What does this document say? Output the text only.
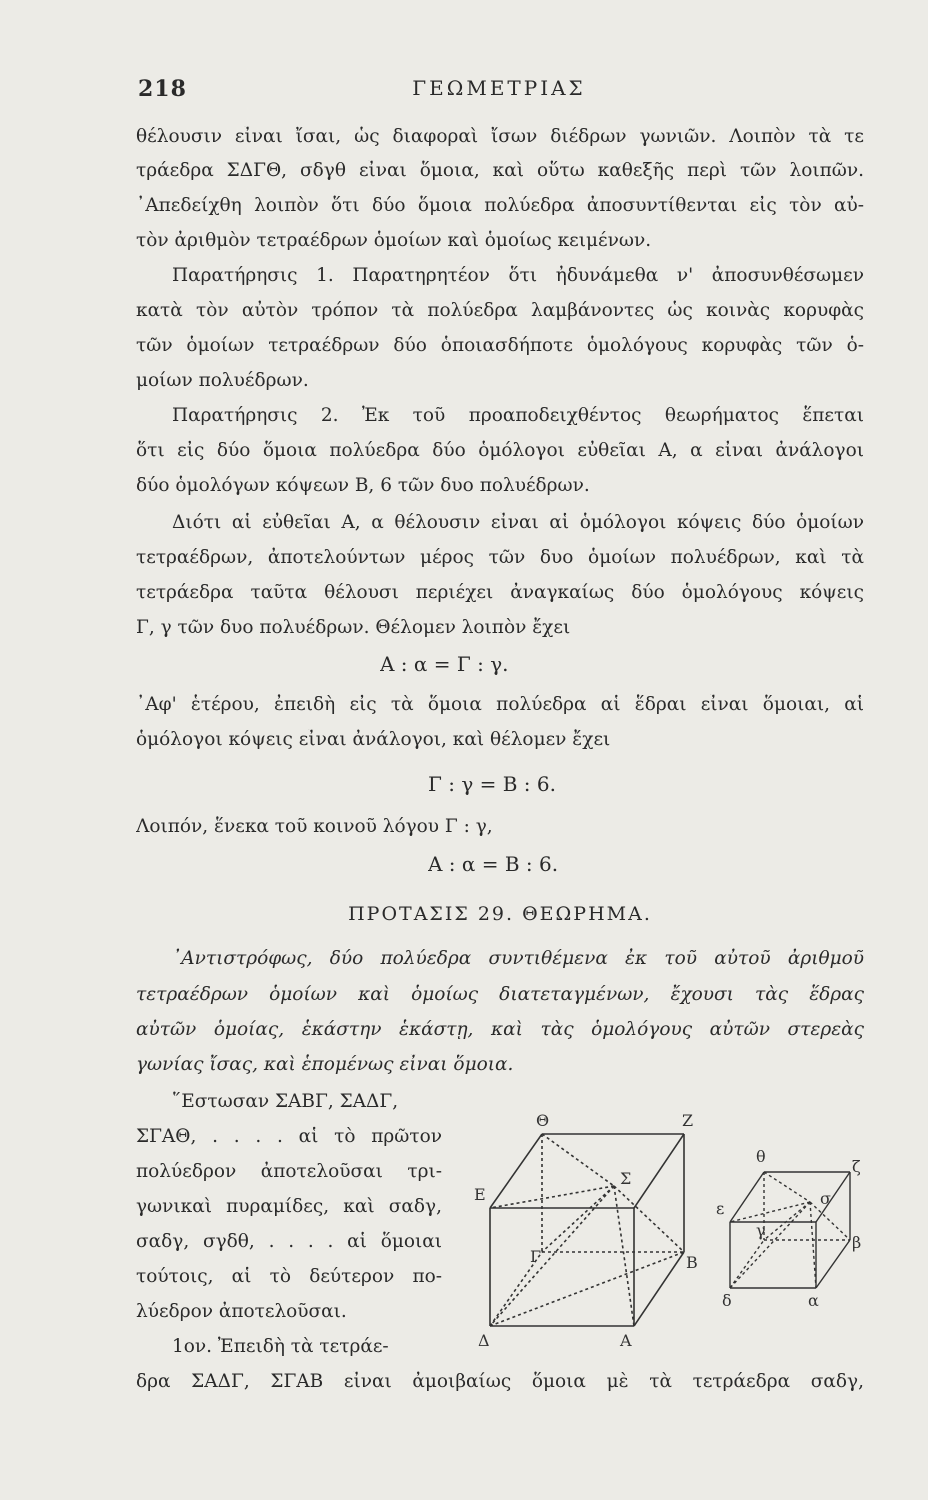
218	ΓΕΩΜΕΤΡΙΑΣ
θέλουσιν εἶναι ἴσαι, ὡς διαφοραὶ ἴσων διέδρων γωνιῶν. Λοιπὸν τὰ τε
τράεδρα ΣΔΓΘ, σδγθ εἶναι ὅμοια, καὶ οὕτω καθεξῆς περὶ τῶν λοιπῶν.
᾿Απεδείχθη λοιπὸν ὅτι δύο ὅμοια πολύεδρα ἀποσυντίθενται εἰς τὸν αὐ-
τὸν ἀριθμὸν τετραέδρων ὁμοίων καὶ ὁμοίως κειμένων.
Παρατήρησις 1. Παρατηρητέον ὅτι ἠδυνάμεθα ν' ἀποσυνθέσωμεν
κατὰ τὸν αὐτὸν τρόπον τὰ πολύεδρα λαμβάνοντες ὡς κοινὰς κορυφὰς
τῶν ὁμοίων τετραέδρων δύο ὁποιασδήποτε ὁμολόγους κορυφὰς τῶν ὁ-
μοίων πολυέδρων.
Παρατήρησις 2. Ἐκ τοῦ προαποδειχθέντος θεωρήματος ἕπεται
ὅτι εἰς δύο ὅμοια πολύεδρα δύο ὁμόλογοι εὐθεῖαι Α, α εἶναι ἀνάλογοι
δύο ὁμολόγων κόψεων Β, 6 τῶν δυο πολυέδρων.
Διότι αἱ εὐθεῖαι Α, α θέλουσιν εἶναι αἱ ὁμόλογοι κόψεις δύο ὁμοίων
τετραέδρων, ἀποτελούντων μέρος τῶν δυο ὁμοίων πολυέδρων, καὶ τὰ
τετράεδρα ταῦτα θέλουσι περιέχει ἀναγκαίως δύο ὁμολόγους κόψεις
Γ, γ τῶν δυο πολυέδρων. Θέλομεν λοιπὸν ἔχει
Α : α = Γ : γ.
᾿Αφ' ἑτέρου, ἐπειδὴ εἰς τὰ ὅμοια πολύεδρα αἱ ἕδραι εἶναι ὅμοιαι, αἱ
ὁμόλογοι κόψεις εἶναι ἀνάλογοι, καὶ θέλομεν ἔχει
Γ : γ = Β : 6.
Λοιπόν, ἕνεκα τοῦ κοινοῦ λόγου Γ : γ,
Α : α = Β : 6.
ΠΡΟΤΑΣΙΣ 29. ΘΕΩΡΗΜΑ.
᾿Αντιστρόφως, δύο πολύεδρα συντιθέμενα ἐκ τοῦ αὐτοῦ ἀριθμοῦ
τετραέδρων ὁμοίων καὶ ὁμοίως διατεταγμένων, ἔχουσι τὰς ἕδρας
αὐτῶν ὁμοίας, ἑκάστην ἑκάστῃ, καὶ τὰς ὁμολόγους αὐτῶν στερεὰς
γωνίας ἴσας, καὶ ἑπομένως εἶναι ὅμοια.
῞Εστωσαν ΣΑΒΓ, ΣΑΔΓ,
ΣΓΑΘ, . . . . αἱ τὸ πρῶτον
πολύεδρον ἀποτελοῦσαι τρι-
γωνικαὶ πυραμίδες, καὶ σαδγ,
σαδγ, σγδθ, . . . . αἱ ὅμοιαι
τούτοις, αἱ τὸ δεύτερον πο-
λύεδρον ἀποτελοῦσαι.
1ον. Ἐπειδὴ τὰ τετράε-
δρα ΣΑΔΓ, ΣΓΑΒ εἶναι ἀμοιβαίως ὅμοια μὲ τὰ τετράεδρα σαδγ,
Θ	Ζ
Ε
Σ
Γ	Β
Δ	Α
θ
ζ
ε
σ
γ
β
δ	α
